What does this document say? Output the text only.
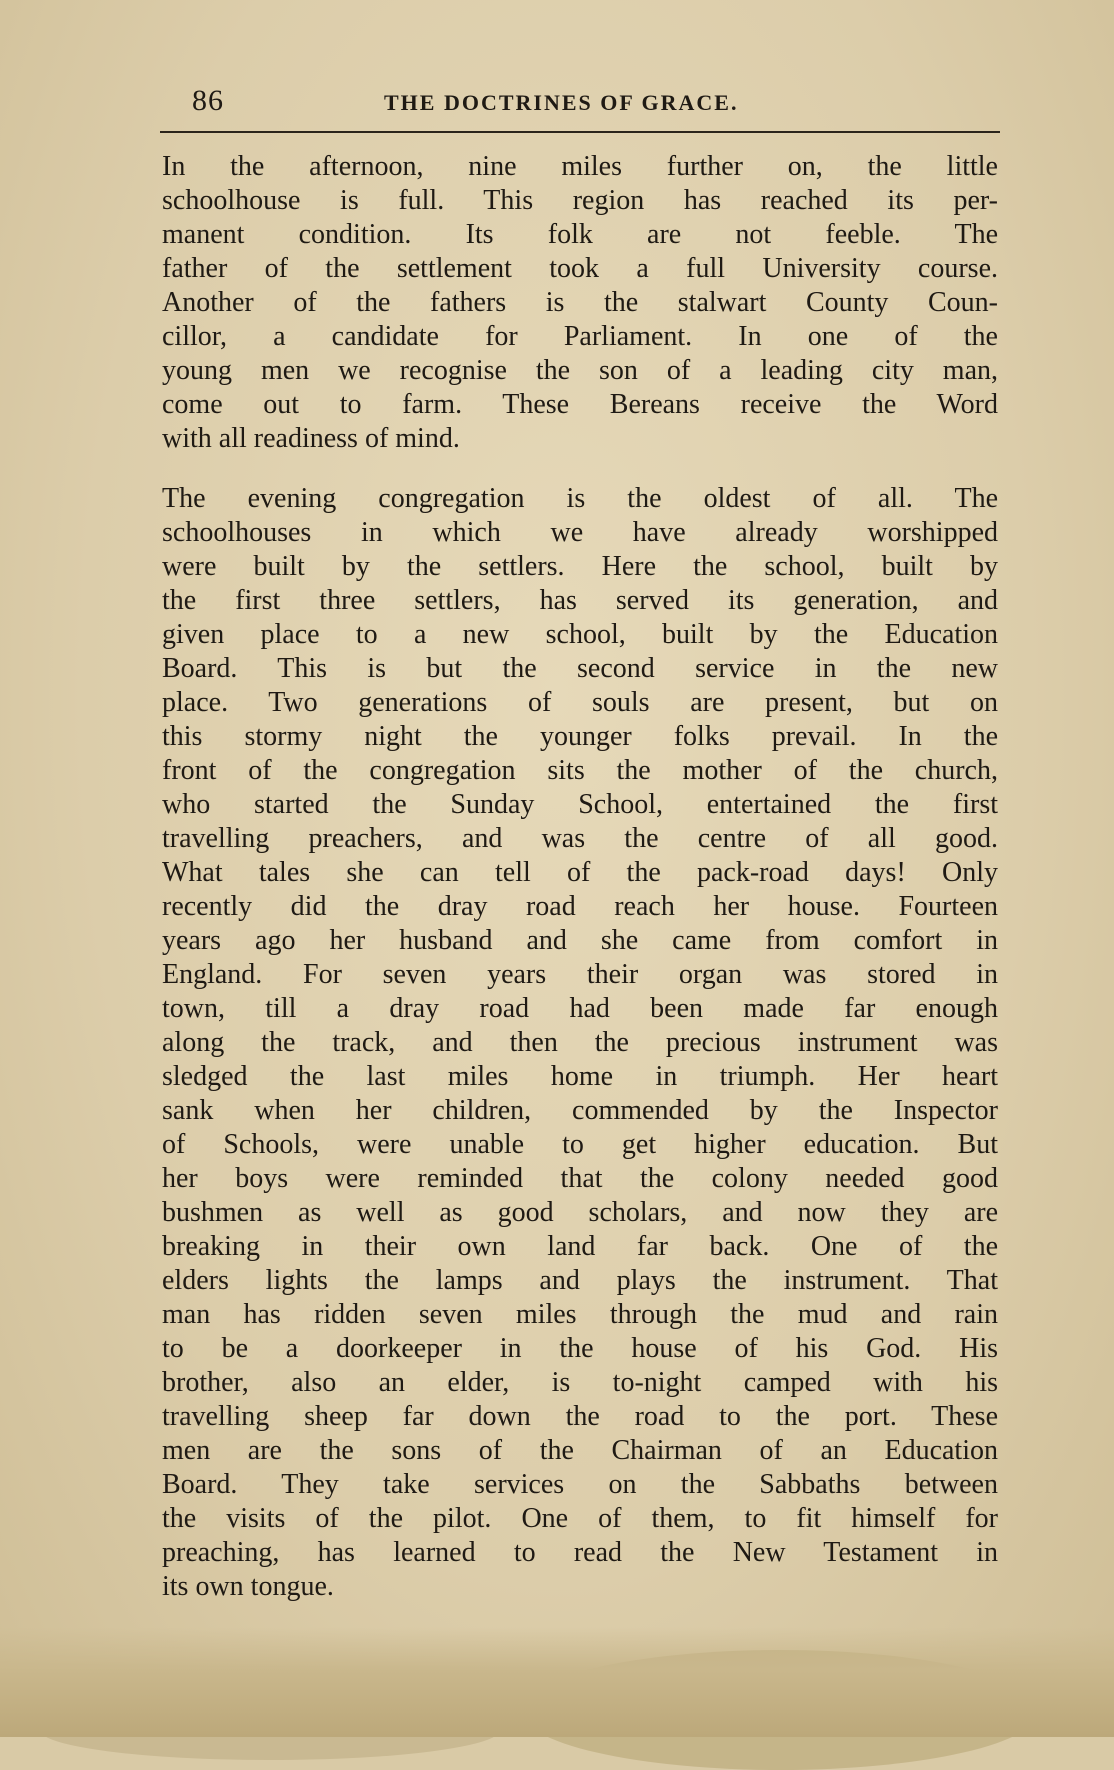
86	THE DOCTRINES OF GRACE.

In the afternoon, nine miles further on, the little
schoolhouse is full. This region has reached its per-
manent condition. Its folk are not feeble. The
father of the settlement took a full University course.
Another of the fathers is the stalwart County Coun-
cillor, a candidate for Parliament. In one of the
young men we recognise the son of a leading city man,
come out to farm. These Bereans receive the Word
with all readiness of mind.

The evening congregation is the oldest of all. The
schoolhouses in which we have already worshipped
were built by the settlers. Here the school, built by
the first three settlers, has served its generation, and
given place to a new school, built by the Education
Board. This is but the second service in the new
place. Two generations of souls are present, but on
this stormy night the younger folks prevail. In the
front of the congregation sits the mother of the church,
who started the Sunday School, entertained the first
travelling preachers, and was the centre of all good.
What tales she can tell of the pack-road days! Only
recently did the dray road reach her house. Fourteen
years ago her husband and she came from comfort in
England. For seven years their organ was stored in
town, till a dray road had been made far enough
along the track, and then the precious instrument was
sledged the last miles home in triumph. Her heart
sank when her children, commended by the Inspector
of Schools, were unable to get higher education. But
her boys were reminded that the colony needed good
bushmen as well as good scholars, and now they are
breaking in their own land far back. One of the
elders lights the lamps and plays the instrument. That
man has ridden seven miles through the mud and rain
to be a doorkeeper in the house of his God. His
brother, also an elder, is to-night camped with his
travelling sheep far down the road to the port. These
men are the sons of the Chairman of an Education
Board. They take services on the Sabbaths between
the visits of the pilot. One of them, to fit himself for
preaching, has learned to read the New Testament in
its own tongue.
